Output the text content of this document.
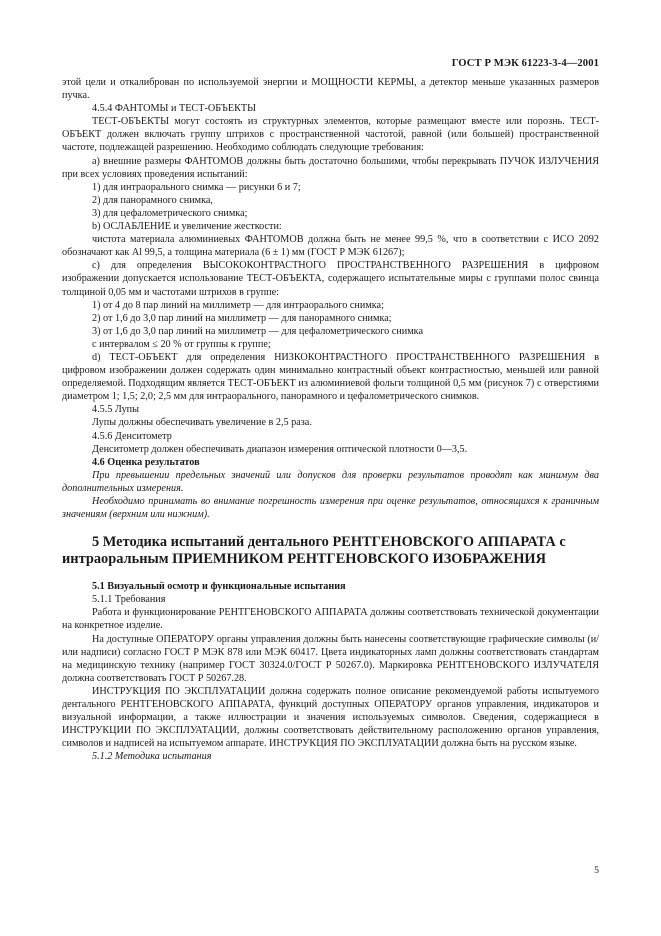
ГОСТ Р МЭК 61223-3-4—2001

этой цели и откалиброван по используемой энергии и МОЩНОСТИ КЕРМЫ, а детектор меньше указанных размеров пучка.

4.5.4 ФАНТОМЫ и ТЕСТ-ОБЪЕКТЫ

ТЕСТ-ОБЪЕКТЫ могут состоять из структурных элементов, которые размещают вместе или порознь. ТЕСТ-ОБЪЕКТ должен включать группу штрихов с пространственной частотой, равной (или большей) пространственной частоте, подлежащей разрешению. Необходимо соблюдать следующие требования:

a) внешние размеры ФАНТОМОВ должны быть достаточно большими, чтобы перекрывать ПУЧОК ИЗЛУЧЕНИЯ при всех условиях проведения испытаний:

1) для интраорального снимка — рисунки 6 и 7;

2) для панорамного снимка,

3) для цефалометрического снимка;

b) ОСЛАБЛЕНИЕ и увеличение жесткости:

чистота материала алюминиевых ФАНТОМОВ должна быть не менее 99,5 %, что в соответствии с ИСО 2092 обозначают как Al 99,5, а толщина материала (6 ± 1) мм (ГОСТ Р МЭК 61267);

c) для определения ВЫСОКОКОНТРАСТНОГО ПРОСТРАНСТВЕННОГО РАЗРЕШЕНИЯ в цифровом изображении допускается использование ТЕСТ-ОБЪЕКТА, содержащего испытательные миры с группами полос свинца толщиной 0,05 мм и частотами штрихов в группе:

1) от 4 до 8 пар линий на миллиметр — для интраоралього снимка;

2) от 1,6 до 3,0 пар линий на миллиметр — для панорамного снимка;

3) от 1,6 до 3,0 пар линий на миллиметр — для цефалометрического снимка

с интервалом ≤ 20 % от группы к группе;

d) ТЕСТ-ОБЪЕКТ для определения НИЗКОКОНТРАСТНОГО ПРОСТРАНСТВЕННОГО РАЗРЕШЕНИЯ в цифровом изображении должен содержать один минимально контрастный объект контрастностью, меньшей или равной определяемой. Подходящим является ТЕСТ-ОБЪЕКТ из алюминиевой фольги толщиной 0,5 мм (рисунок 7) с отверстиями диаметром 1; 1,5; 2,0; 2,5 мм для интраорального, панорамного и цефалометрического снимков.

4.5.5 Лупы

Лупы должны обеспечивать увеличение в 2,5 раза.

4.5.6 Денситометр

Денситометр должен обеспечивать диапазон измерения оптической плотности 0—3,5.

4.6 Оценка результатов

При превышении предельных значений или допусков для проверки результатов проводят как минимум два дополнительных измерения.

Необходимо принимать во внимание погрешность измерения при оценке результатов, относящихся к граничным значениям (верхним или нижним).

5 Методика испытаний дентального РЕНТГЕНОВСКОГО АППАРАТА с интраоральным ПРИЕМНИКОМ РЕНТГЕНОВСКОГО ИЗОБРАЖЕНИЯ

5.1 Визуальный осмотр и функциональные испытания

5.1.1 Требования

Работа и функционирование РЕНТГЕНОВСКОГО АППАРАТА должны соответствовать технической документации на конкретное изделие.

На доступные ОПЕРАТОРУ органы управления должны быть нанесены соответствующие графические символы (и/или надписи) согласно ГОСТ Р МЭК 878 или МЭК 60417. Цвета индикаторных ламп должны соответствовать стандартам на медицинскую технику (например ГОСТ 30324.0/ГОСТ Р 50267.0). Маркировка РЕНТГЕНОВСКОГО ИЗЛУЧАТЕЛЯ должна соответствовать ГОСТ Р 50267.28.

ИНСТРУКЦИЯ ПО ЭКСПЛУАТАЦИИ должна содержать полное описание рекомендуемой работы испытуемого дентального РЕНТГЕНОВСКОГО АППАРАТА, функций доступных ОПЕРАТОРУ органов управления, индикаторов и визуальной информации, а также иллюстрации и значения используемых символов. Сведения, содержащиеся в ИНСТРУКЦИИ ПО ЭКСПЛУАТАЦИИ, должны соответствовать действительному расположению органов управления, символов и надписей на испытуемом аппарате. ИНСТРУКЦИЯ ПО ЭКСПЛУАТАЦИИ должна быть на русском языке.

5.1.2 Методика испытания

5
